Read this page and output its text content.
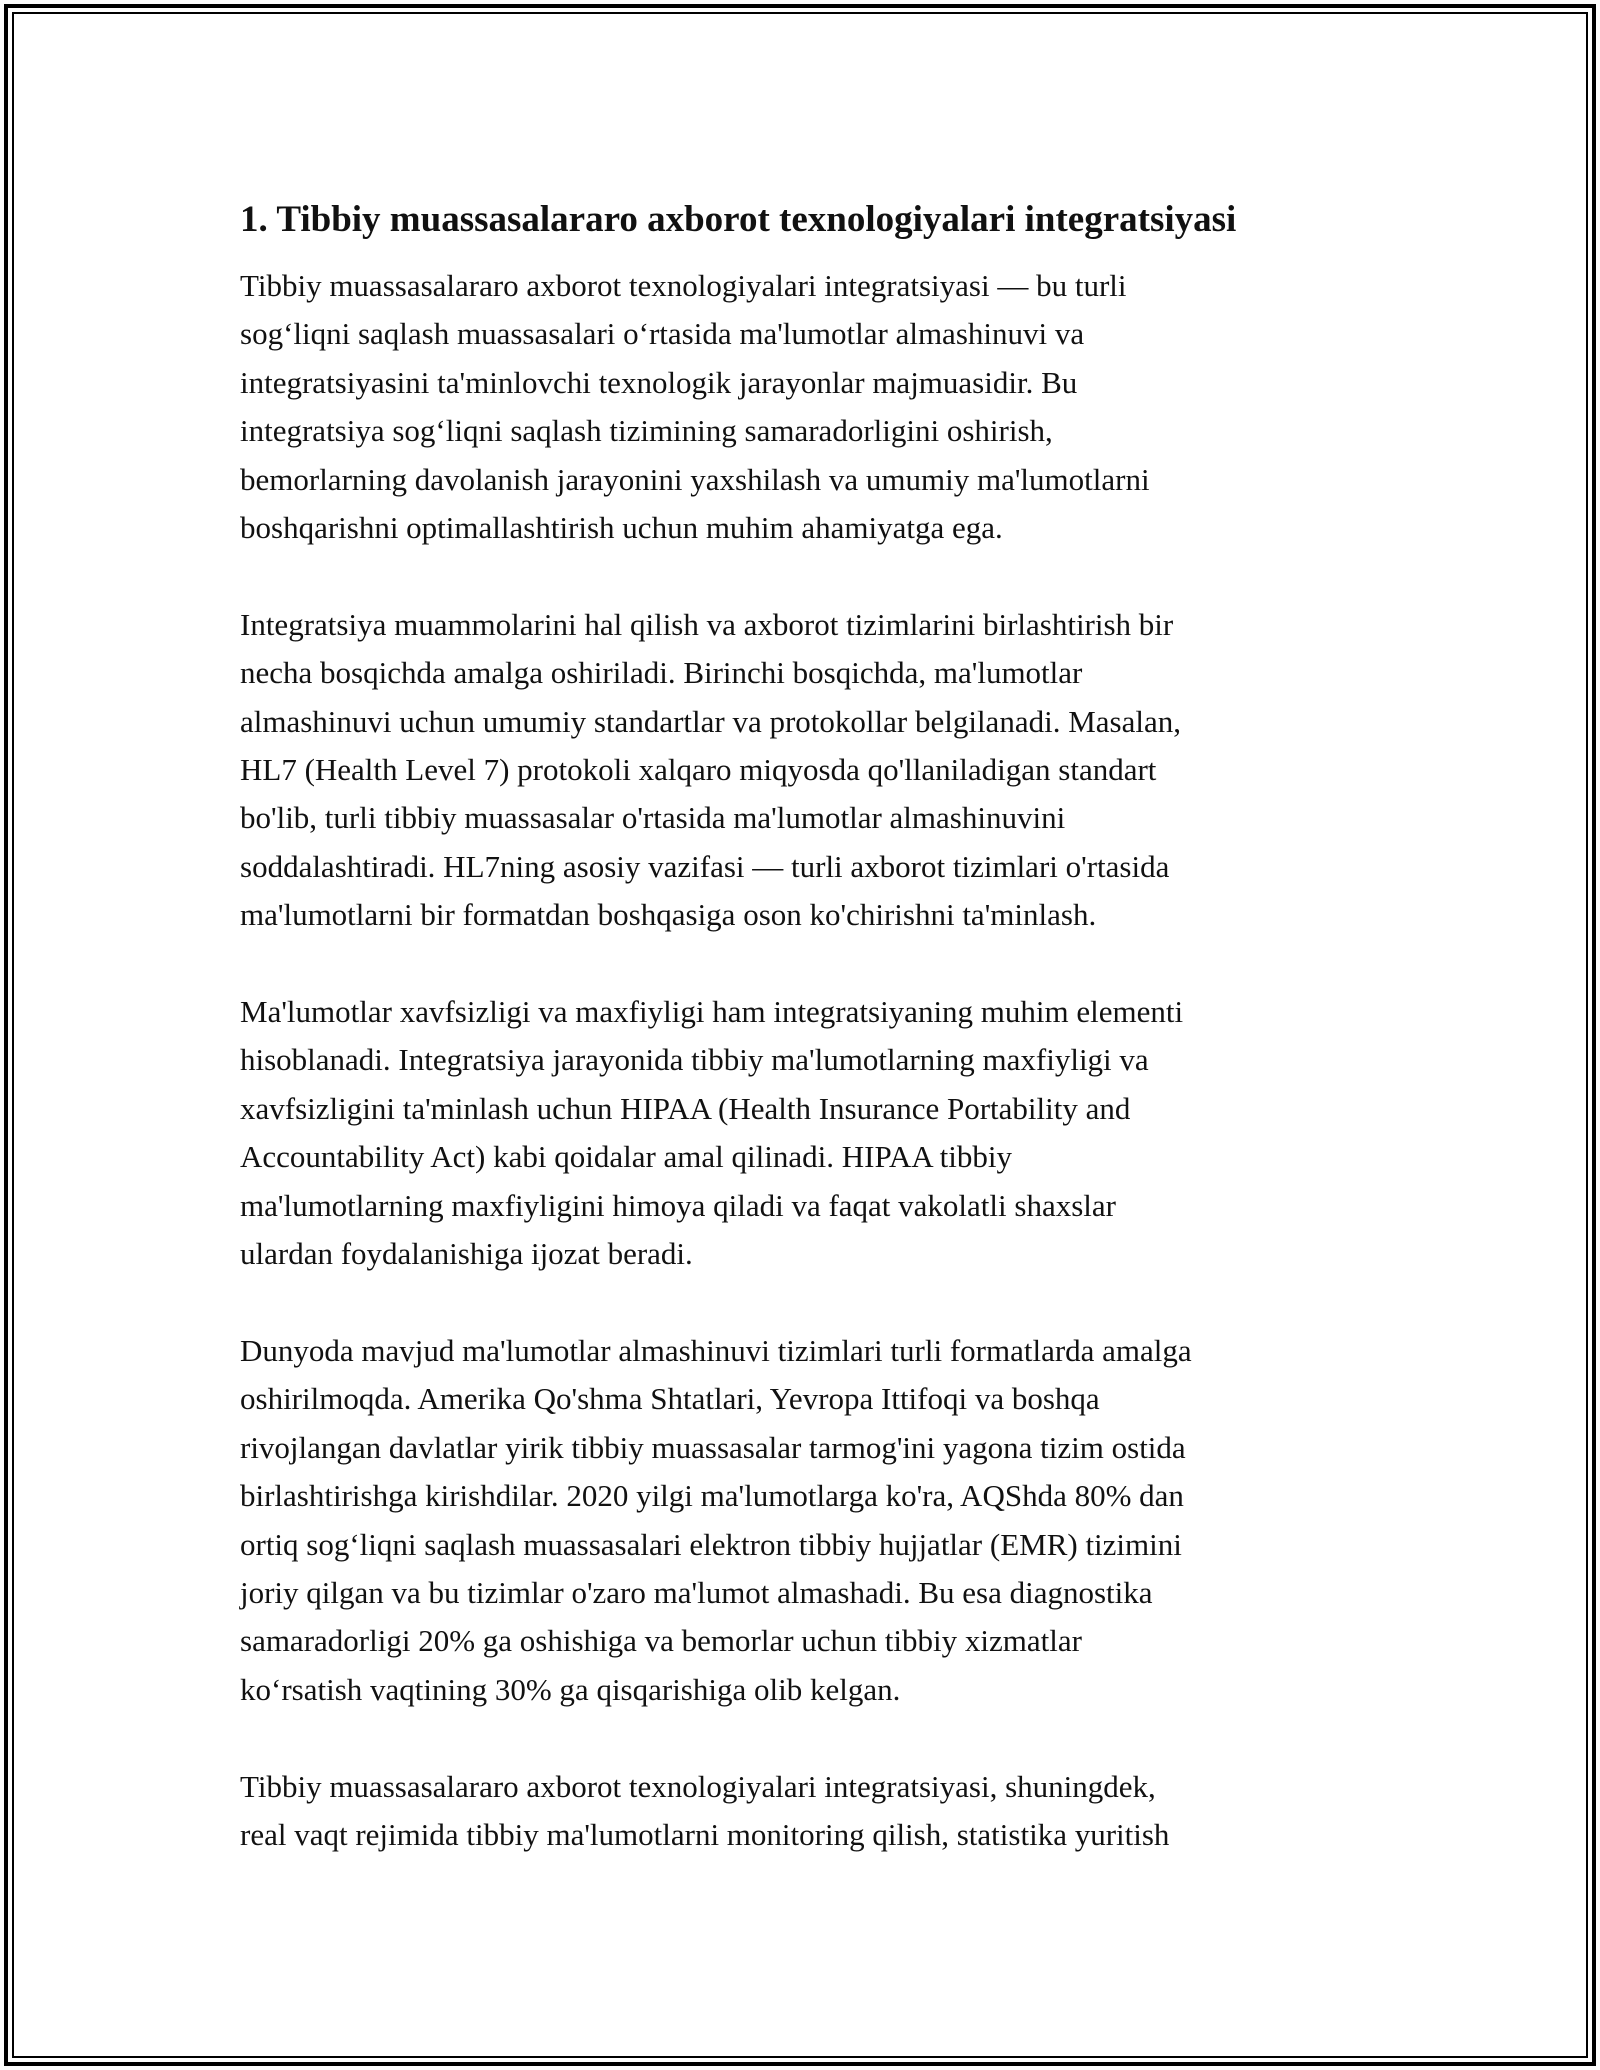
1. Tibbiy muassasalararo axborot texnologiyalari integratsiyasi

Tibbiy muassasalararo axborot texnologiyalari integratsiyasi — bu turli
sog‘liqni saqlash muassasalari o‘rtasida ma'lumotlar almashinuvi va
integratsiyasini ta'minlovchi texnologik jarayonlar majmuasidir. Bu
integratsiya sog‘liqni saqlash tizimining samaradorligini oshirish,
bemorlarning davolanish jarayonini yaxshilash va umumiy ma'lumotlarni
boshqarishni optimallashtirish uchun muhim ahamiyatga ega.

Integratsiya muammolarini hal qilish va axborot tizimlarini birlashtirish bir
necha bosqichda amalga oshiriladi. Birinchi bosqichda, ma'lumotlar
almashinuvi uchun umumiy standartlar va protokollar belgilanadi. Masalan,
HL7 (Health Level 7) protokoli xalqaro miqyosda qo'llaniladigan standart
bo'lib, turli tibbiy muassasalar o'rtasida ma'lumotlar almashinuvini
soddalashtiradi. HL7ning asosiy vazifasi — turli axborot tizimlari o'rtasida
ma'lumotlarni bir formatdan boshqasiga oson ko'chirishni ta'minlash.

Ma'lumotlar xavfsizligi va maxfiyligi ham integratsiyaning muhim elementi
hisoblanadi. Integratsiya jarayonida tibbiy ma'lumotlarning maxfiyligi va
xavfsizligini ta'minlash uchun HIPAA (Health Insurance Portability and
Accountability Act) kabi qoidalar amal qilinadi. HIPAA tibbiy
ma'lumotlarning maxfiyligini himoya qiladi va faqat vakolatli shaxslar
ulardan foydalanishiga ijozat beradi.

Dunyoda mavjud ma'lumotlar almashinuvi tizimlari turli formatlarda amalga
oshirilmoqda. Amerika Qo'shma Shtatlari, Yevropa Ittifoqi va boshqa
rivojlangan davlatlar yirik tibbiy muassasalar tarmog'ini yagona tizim ostida
birlashtirishga kirishdilar. 2020 yilgi ma'lumotlarga ko'ra, AQShda 80% dan
ortiq sog‘liqni saqlash muassasalari elektron tibbiy hujjatlar (EMR) tizimini
joriy qilgan va bu tizimlar o'zaro ma'lumot almashadi. Bu esa diagnostika
samaradorligi 20% ga oshishiga va bemorlar uchun tibbiy xizmatlar
ko‘rsatish vaqtining 30% ga qisqarishiga olib kelgan.

Tibbiy muassasalararo axborot texnologiyalari integratsiyasi, shuningdek,
real vaqt rejimida tibbiy ma'lumotlarni monitoring qilish, statistika yuritish
